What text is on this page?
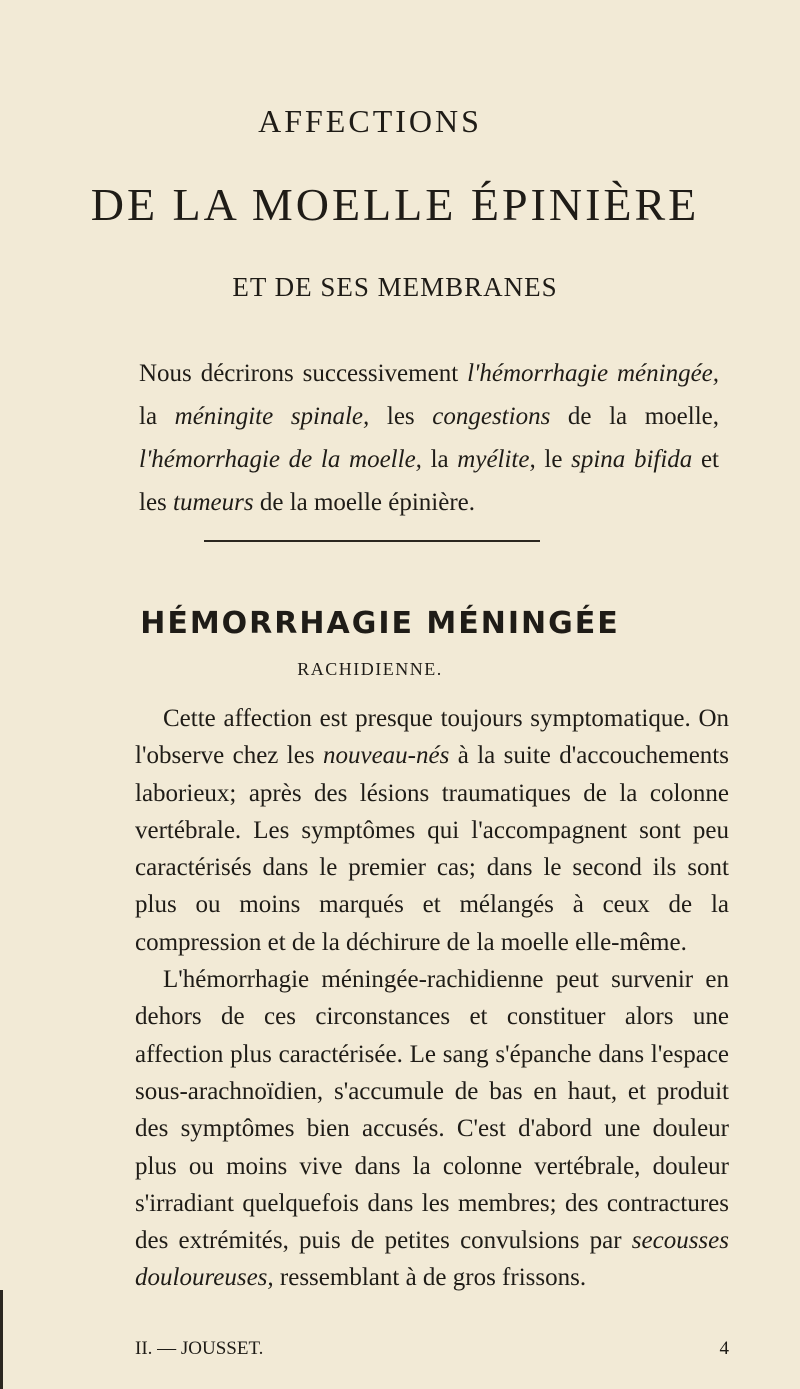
AFFECTIONS
DE LA MOELLE ÉPINIÈRE
ET DE SES MEMBRANES
Nous décrirons successivement l'hémorrhagie méningée, la méningite spinale, les congestions de la moelle, l'hémorrhagie de la moelle, la myélite, le spina bifida et les tumeurs de la moelle épinière.
HÉMORRHAGIE MÉNINGÉE
RACHIDIENNE.

Cette affection est presque toujours symptomatique. On l'observe chez les nouveau-nés à la suite d'accouchements laborieux; après des lésions traumatiques de la colonne vertébrale. Les symptômes qui l'accompagnent sont peu caractérisés dans le premier cas; dans le second ils sont plus ou moins marqués et mélangés à ceux de la compression et de la déchirure de la moelle elle-même.

L'hémorrhagie méningée-rachidienne peut survenir en dehors de ces circonstances et constituer alors une affection plus caractérisée. Le sang s'épanche dans l'espace sous-arachnoïdien, s'accumule de bas en haut, et produit des symptômes bien accusés. C'est d'abord une douleur plus ou moins vive dans la colonne vertébrale, douleur s'irradiant quelquefois dans les membres; des contractures des extrémités, puis de petites convulsions par secousses douloureuses, ressemblant à de gros frissons.

II. — JOUSSET.	4
